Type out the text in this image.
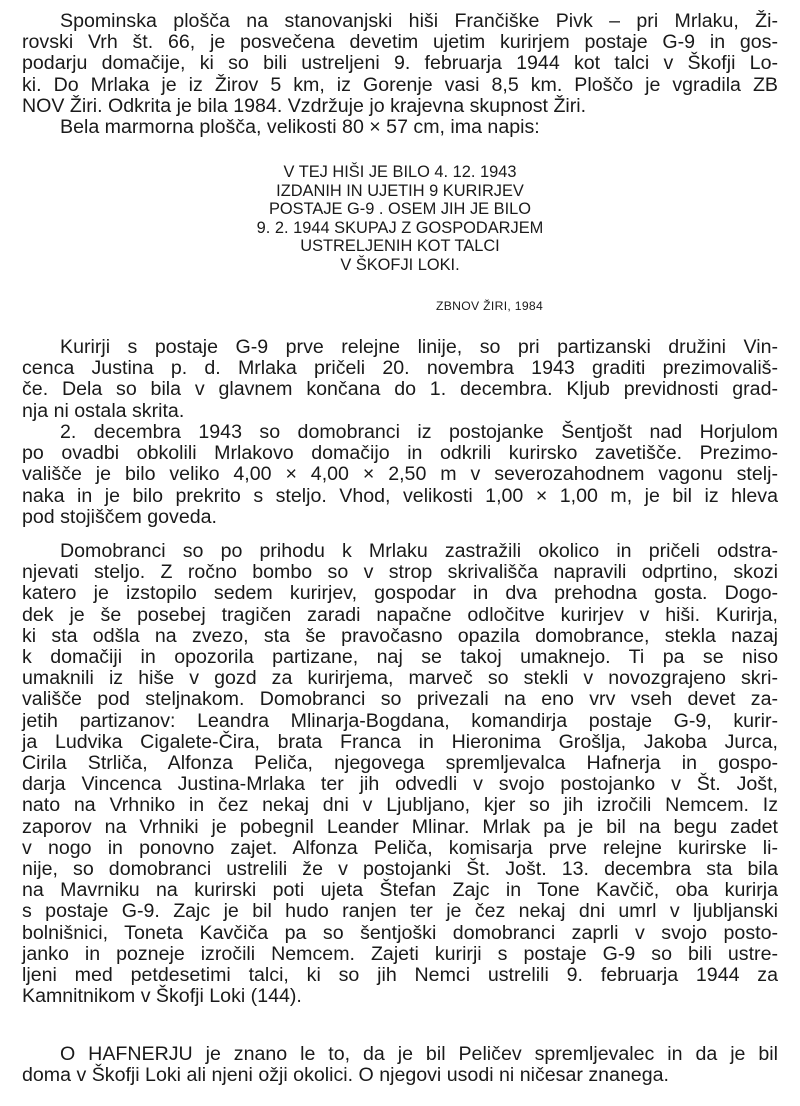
Spominska plošča na stanovanjski hiši Frančiške Pivk – pri Mrlaku, Ži-
rovski Vrh št. 66, je posvečena devetim ujetim kurirjem postaje G-9 in gos-
podarju domačije, ki so bili ustreljeni 9. februarja 1944 kot talci v Škofji Lo-
ki. Do Mrlaka je iz Žirov 5 km, iz Gorenje vasi 8,5 km. Ploščo je vgradila ZB
NOV Žiri. Odkrita je bila 1984. Vzdržuje jo krajevna skupnost Žiri.

Bela marmorna plošča, velikosti 80 × 57 cm, ima napis:

V TEJ HIŠI JE BILO 4. 12. 1943
IZDANIH IN UJETIH 9 KURIRJEV
POSTAJE G-9 . OSEM JIH JE BILO
9. 2. 1944 SKUPAJ Z GOSPODARJEM
USTRELJENIH KOT TALCI
V ŠKOFJI LOKI.

ZBNOV ŽIRI, 1984

Kurirji s postaje G-9 prve relejne linije, so pri partizanski družini Vin-
cenca Justina p. d. Mrlaka pričeli 20. novembra 1943 graditi prezimovališ-
če. Dela so bila v glavnem končana do 1. decembra. Kljub previdnosti grad-
nja ni ostala skrita.

2. decembra 1943 so domobranci iz postojanke Šentjošt nad Horjulom
po ovadbi obkolili Mrlakovo domačijo in odkrili kurirsko zavetišče. Prezimo-
vališče je bilo veliko 4,00 × 4,00 × 2,50 m v severozahodnem vagonu stelj-
naka in je bilo prekrito s steljo. Vhod, velikosti 1,00 × 1,00 m, je bil iz hleva
pod stojiščem goveda.

Domobranci so po prihodu k Mrlaku zastražili okolico in pričeli odstra-
njevati steljo. Z ročno bombo so v strop skrivališča napravili odprtino, skozi
katero je izstopilo sedem kurirjev, gospodar in dva prehodna gosta. Dogo-
dek je še posebej tragičen zaradi napačne odločitve kurirjev v hiši. Kurirja,
ki sta odšla na zvezo, sta še pravočasno opazila domobrance, stekla nazaj
k domačiji in opozorila partizane, naj se takoj umaknejo. Ti pa se niso
umaknili iz hiše v gozd za kurirjema, marveč so stekli v novozgrajeno skri-
vališče pod steljnakom. Domobranci so privezali na eno vrv vseh devet za-
jetih partizanov: Leandra Mlinarja-Bogdana, komandirja postaje G-9, kurir-
ja Ludvika Cigalete-Čira, brata Franca in Hieronima Grošlja, Jakoba Jurca,
Cirila Strliča, Alfonza Peliča, njegovega spremljevalca Hafnerja in gospo-
darja Vincenca Justina-Mrlaka ter jih odvedli v svojo postojanko v Št. Jošt,
nato na Vrhniko in čez nekaj dni v Ljubljano, kjer so jih izročili Nemcem. Iz
zaporov na Vrhniki je pobegnil Leander Mlinar. Mrlak pa je bil na begu zadet
v nogo in ponovno zajet. Alfonza Peliča, komisarja prve relejne kurirske li-
nije, so domobranci ustrelili že v postojanki Št. Jošt. 13. decembra sta bila
na Mavrniku na kurirski poti ujeta Štefan Zajc in Tone Kavčič, oba kurirja
s postaje G-9. Zajc je bil hudo ranjen ter je čez nekaj dni umrl v ljubljanski
bolnišnici, Toneta Kavčiča pa so šentjoški domobranci zaprli v svojo posto-
janko in pozneje izročili Nemcem. Zajeti kurirji s postaje G-9 so bili ustre-
ljeni med petdesetimi talci, ki so jih Nemci ustrelili 9. februarja 1944 za
Kamnitnikom v Škofji Loki (144).

O HAFNERJU je znano le to, da je bil Peličev spremljevalec in da je bil
doma v Škofji Loki ali njeni ožji okolici. O njegovi usodi ni ničesar znanega.
